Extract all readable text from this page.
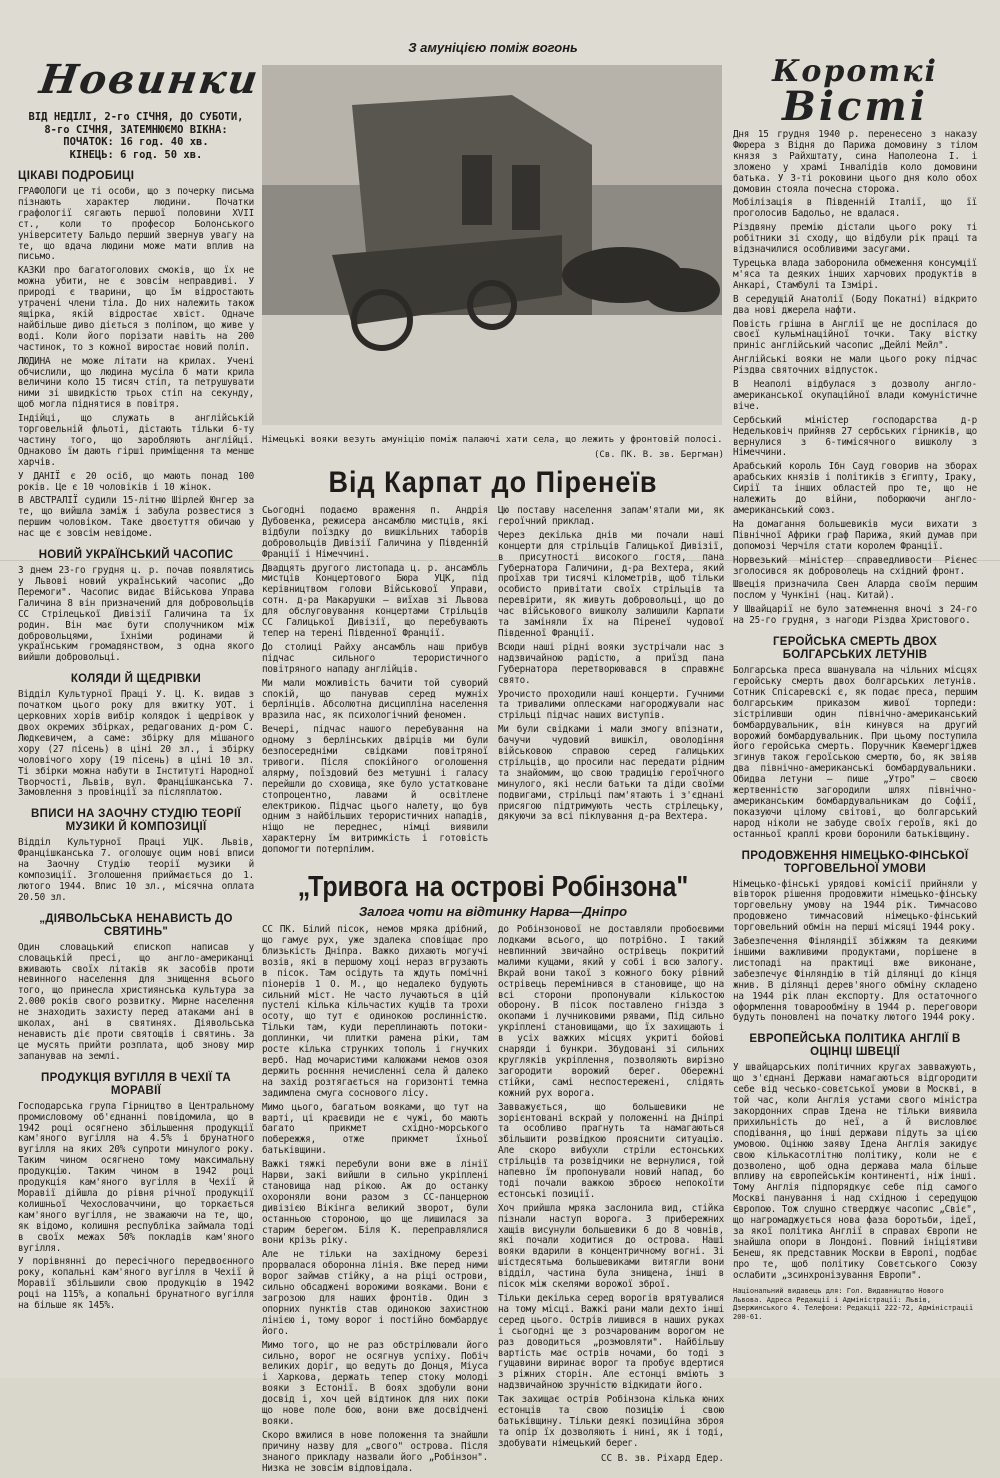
Новинки
ВІД НЕДІЛІ, 2-го СІЧНЯ, ДО СУБОТИ,
8-го СІЧНЯ, ЗАТЕМНЮЄМО ВІКНА:
ПОЧАТОК: 16 год. 40 хв.
КІНЕЦЬ: 6 год. 50 хв.
ЦІКАВІ ПОДРОБИЦІ

ГРАФОЛОГИ це ті особи, що з почерку письма пізнають характер людини. Початки графології сягають першої половини XVII ст., коли то професор Болонського університету Бальдо перший звернув увагу на те, що вдача людини може мати вплив на письмо.

КАЗКИ про багатоголових смоків, що їх не можна убити, не є зовсім неправдиві. У природі є тварини, що їм відростають утрачені члени тіла. До них належить також ящірка, якій відростає хвіст. Одначе найбільше диво діється з поліпом, що живе у воді. Коли його порізати навіть на 200 частинок, то з кожної виростає новий поліп.

ЛЮДИНА не може літати на крилах. Учені обчислили, що людина мусіла б мати крила величини коло 15 тисяч стіп, та петрушувати ними зі швидкістю трьох стіп на секунду, щоб могла піднятися в повітря.

Індійці, що служать в англійській торговельній фльоті, дістають тільки 6-ту частину того, що заробляють англійці. Однаково їм дають гірші приміщення та менше харчів.

У ДАНІЇ є 20 осіб, що мають понад 100 років. Це є 10 чоловіків і 10 жінок.

В АВСТРАЛІЇ судили 15-літню Шірлей Юнгер за те, що вийшла заміж і забула розвестися з першим чоловіком. Таке двоєтуття обичаю у нас ще є зовсім невідоме.

НОВИЙ УКРАЇНСЬКИЙ ЧАСОПИС

З днем 23-го грудня ц. р. почав появлятись у Львові новий український часопис „До Перемоги". Часопис видає Військова Управа Галичина 8 він призначений для добровольців СС Стрілецької Дивізії Галичина та їх родин. Він має бути сполучником між добровольцями, їхніми родинами й українським громадянством, з одна якого вийшли добровольці.

КОЛЯДИ Й ЩЕДРІВКИ

Відділ Культурної Праці У. Ц. К. видав з початком цього року для вжитку УОТ. і церковних хорів вибір колядок і щедрівок у двох окремих збірках, редагованих д-ром С. Людкевичем, а саме: збірку для мішаного хору (27 пісень) в ціні 20 зл., і збірку чоловічого хору (19 пісень) в ціні 10 зл. Ті збірки можна набути в Інституті Народної Творчості, Львів, вул. Францішканська 7. Замовлення з провінції за післяплатою.

ВПИСИ НА ЗАОЧНУ СТУДІЮ ТЕОРІЇ МУЗИКИ Й КОМПОЗИЦІЇ

Відділ Культурної Праці УЦК. Львів, Францішканська 7. оголошує оцим нові вписи на Заочну Студію теорії музики й композиції. Зголошення приймається до 1. лютого 1944. Впис 10 зл., місячна оплата 20.50 зл.

„ДІЯВОЛЬСЬКА НЕНАВИСТЬ ДО СВЯТИНЬ"

Один словацький єпископ написав у словацькій пресі, що англо-американці вживають своїх літаків як засобів проти невинного населення для знищення всього того, що принесла християнська культура за 2.000 років свого розвитку. Мирне населення не знаходить захисту перед атаками ані в школах, ані в святинях. Діявольська ненависть діє проти святощів і святинь. За це мусять прийти розплата, щоб знову мир запанував на землі.

ПРОДУКЦІЯ ВУГІЛЛЯ В ЧЕХІЇ ТА МОРАВІЇ

Господарська група Гірництво в Центральному промисловому об'єднанні повідомила, що в 1942 році осягнено збільшення продукції кам'яного вугілля на 4.5% і брунатного вугілля на яких 20% супроти минулого року. Таким чином осягнено тому максимальну продукцію. Таким чином в 1942 році продукція кам'яного вугілля в Чехії й Моравії дійшла до рівня річної продукції колишньої Чехословаччини, що торкається кам'яного вугілля, не зважаючи на те, що, як відомо, колишня республіка займала тоді в своїх межах 50% покладів кам'яного вугілля.

У порівнянні до пересічного передвоєнного року, копальні кам'яного вугілля в Чехії й Моравії збільшили свою продукцію в 1942 році на 115%, а копальні брунатного вугілля на більше як 145%.

З амуніцією поміж вогонь
Німецькі вояки везуть амуніцію поміж палаючі хати села, що лежить у фронтовій полосі.
(Св. ПК. В. зв. Бергман)
Від Карпат до Піренеїв

Сьогодні подаємо враження п. Андрія Дубовенка, режисера ансамблю мистців, які відбули поїздку до вишкільних таборів добровольців Дивізії Галичина у Південній Франції і Німеччині.

Двадцять другого листопада ц. р. ансамбль мистців Концертового Бюра УЦК, під керівництвом голови Військової Управи, сотн. д-ра Макарушки — виїхав зі Львова для обслуговування концертами Стрільців СС Галицької Дивізії, що перебувають тепер на терені Південної Франції.

До столиці Райху ансамбль наш прибув підчас сильного терористичного повітряного нападу англійців.

Ми мали можливість бачити той суворий спокій, що панував серед мужніх берлінців. Абсолютна дисципліна населення вразила нас, як психологічний феномен.

Вечері, підчас нашого перебування на одному з берлінських двірців ми були безпосередніми свідками повітряної тривоги. Після спокійного оголошення алярму, поїздовий без метушні і галасу перейшли до сховища, яке було устатковане стопроцентно, лавами й освітлене електрикою. Підчас цього налету, що був одним з найбільших терористичних нападів, ніщо не переднес, німці виявили характерну їм витримкість і готовість допомогти потерпілим.

Цю поставу населення запам'ятали ми, як героїчний приклад.

Через декілька днів ми почали наші концерти для стрільців Галицької Дивізії, в присутності високого гостя, пана Губернатора Галичини, д-ра Вехтера, який проїхав три тисячі кілометрів, щоб тільки особисто привітати своїх стрільців та перевірити, як живуть добровольці, що до час військового вишколу залишили Карпати та заміняли їх на Піренеї чудової Південної Франції.

Всюди наші рідні вояки зустрічали нас з надзвичайною радістю, а приїзд пана Губернатора перетворювався в справжнє свято.

Урочисто проходили наші концерти. Гучними та тривалими оплесками нагороджували нас стрільці підчас наших виступів.

Ми були свідками і мали змогу впізнати, бачучи чудовий вишкіл, оволодіння військовою справою серед галицьких стрільців, що просили нас передати рідним та знайомим, що свою традицію героїчного минулого, які несли батьки та діди своїми подвигами, стрільці пам'ятають і з'єднані присягою підтримують честь стрілецьку, дякуючи за всі піклування д-ра Вехтера.

„Тривога на острові Робінзона"
Залога чоти на відтинку Нарва—Дніпро

СС ПК. Білий пісок, немов мряка дрібний, що гамує рух, уже здалека сповіщає про близькість Дніпра. Важко дихають могучі возів, які в першому хоці нераз вгрузають в пісок. Там осідуть та ждуть помічні піонерів 1 О. М., що недалеко будують сильний міст. Не часто лучаються в цій пустелі кілька кільчастих кущів та трохи осоту, що тут є одинокою рослинністю. Тільки там, куди переплинають потоки-доплинки, чи плитки рамена ріки, там росте кілька струнких тополь і гнучких верб. Над мочаристими калюжами немов озоя держить роєнння нечисленні села й далеко на захід розтягається на горизонті темна задимлена смуга соснового лісу.

Мимо цього, багатьом вояками, що тут на варті, ці краєвиди не є чужі, бо мають багато прикмет східно-морського побережжя, отже прикмет їхньої батьківщини.

Важкі тяжкі перебули вони вже в лінії Нарви, закі вийшли в сильно укріплені становища над рікою. Аж до останку охороняли вони разом з СС-панцерною дивізією Вікінга великий зворот, були останньою стороною, що ще лишилася за старим берегом. Біля К. переправлялися вони крізь ріку.

Але не тільки на західному березі прорвалася оборонна лінія. Вже перед ними ворог займав стійку, а на ріці острови, сильно обсаджені ворожими вояками. Вони є загрозою для наших фронтів. Один з опорних пунктів став одинокою захистною лінією і, тому ворог і постійно бомбардує його.

Мимо того, що не раз обстрілювали його сильно, ворог не осягнув успіху. Побіч великих доріг, що ведуть до Донця, Міуса і Харкова, держать тепер стоку молоді вояки з Естонії. В боях здобули вони досвід і, хоч цей відтинок для них поки що нове поле бою, вони вже досвідчені вояки.

Скоро вжилися в нове положення та знайшли причину назву для „свого" острова. Після знаного прикладу назвали його „Робінзон". Низка не зовсім відповідала.

до Робінзонової не доставляли пробоєвими лодками всього, що потрібно. І такий невпинний звичайно острівець покритий малими кущами, який у собі і всю залогу. Вкрай вони такої з кожного боку рівний острівець перемінився в становище, що на всі сторони пропонували кількостою оборону. В пісок поставлено гнізда з окопами і лучниковими рявами, Під сильно укріплені становищами, що їх захищають і в усіх важких місцях укриті бойові снаряди і бункри. Збудовані зі сильних кругляків укріплення, позволяють вирізно загородити ворожий берег. Обережні стійки, самі неспостережені, слідять кожний рух ворога.

Завважується, що большевики не зорієнтовані вскрай у положенні на Дніпрі та особливо прагнуть та намагаються збільшити розвідкою прояснити ситуацію. Але скоро вибухли стріли естонських стрільців та розвідчики не вернулися, той напевно їм пропонували новий напад, бо тоді почали важкою зброєю непокоїти естонські позиції.

Хоч прийшла мряка заслонила вид, стійка пізнали наступ ворога. З прибережних хащів висунули большевики 6 до 8 човнів, які почали ходитися до острова. Наші вояки вдарили в концентричному вогні. Зі шістдесятьма большевиками витягли вони відділ, частина була знищена, інші в пісок між скелями ворожої зброї.

Тільки декілька серед ворогів врятувалися на тому місці. Важкі рани мали дехто інші серед цього. Острів лишився в наших руках і сьогодні ще з розчарованим ворогом не раз доводиться „розмовляти". Найбільшу вартість має острів ночами, бо тоді з гущавини виринає ворог та пробує вдертися з ріжних сторін. Але естонці вміють з надзвичайною зручністю відкидати його.

Так захищає острів Робінзона кілька юних естонців та свою позицію і свою батьківщину. Тільки деякі позиційна зброя та опір їх дозволяють і нині, як і тоді, здобувати німецький берег.

СС В. зв. Ріхард Едер.
Короткі
Вісті

Дня 15 грудня 1940 р. перенесено з наказу Фюрера з Відня до Парижа домовину з тілом князя з Райхштату, сина Наполеона І. і зложено у храмі Інвалідів коло домовини батька. У 3-ті роковини цього дня коло обох домовин стояла почесна сторожа.

Мобілізація в Південній Італії, що її проголосив Бадольо, не вдалася.

Різдвяну премію дістали цього року ті робітники зі сходу, що відбули рік праці та відзначилися особливими засугами.

Турецька влада заборонила обмеження консумції м'яса та деяких інших харчових продуктів в Анкарі, Стамбулі та Ізмірі.

В середущій Анатолії (Боду Покатні) відкрито два нові джерела нафти.

Повість грішна в Англії ще не доспілася до своєї кульмінаційної точки. Таку вістку приніс англійський часопис „Дейлі Мейл".

Англійські вояки не мали цього року підчас Різдва святочних відпусток.

В Неаполі відбулася з дозволу англо-американської окупаційної влади комуністичне віче.

Сербський міністер господарства д-р Недельковіч прийняв 27 сербських гірників, що вернулися з 6-тимісячного вишколу з Німеччини.

Арабський король Ібн Сауд говорив на зборах арабських князів і політиків з Єгипту, Іраку, Сирії та інших областей про те, що не належить до війни, поборюючи англо-американський союз.

На домагання большевиків муси вихати з Північної Африки граф Парижа, який думав при допомозі Черчіля стати королем Франції.

Норвезький міністер справедливости Рієнес зголосився як доброволець на східний фронт.

Швеція призначила Свен Аларда своїм першим послом у Чункіні (нац. Китай).

У Швайцарії не було затемнення вночі з 24-го на 25-го грудня, з нагоди Різдва Христового.

ГЕРОЙСЬКА СМЕРТЬ ДВОХ БОЛГАРСЬКИХ ЛЕТУНІВ

Болгарська преса вшанувала на чільних місцях геройську смерть двох болгарських летунів. Сотник Спісаревскі є, як подає преса, першим болгарським приказом живої торпеди: зістріливши один північно-американський бомбардувальник, він кинувся на другий ворожий бомбардувальник. При цьому поступила його геройська смерть. Поручник Квемергіджев згинув також героїською смертю, бо, як звіяв два північно-американські бомбардувальники. Обидва летуни — пише „Утро" — своєю жертвенністю загородили шлях північно-американським бомбардувальникам до Софії, показуючи цілому світові, що болгарський народ ніколи не забуде своїх героїв, які до останньої краплі крови боронили батьківщину.

ПРОДОВЖЕННЯ НІМЕЦЬКО-ФІНСЬКОЇ ТОРГОВЕЛЬНОЇ УМОВИ

Німецько-фінські урядові комісії прийняли у вівторок рішення продовжити німецько-фінську торговельну умову на 1944 рік. Тимчасово продовжено тимчасовий німецько-фінський торговельний обмін на перші місяці 1944 року.

Забезпечення Фінляндії збіжжям та деякими іншими важливими продуктами, порішене в листопаді на практиці вже виконане, забезпечує Фінляндію в тій ділянці до кінця жнив. В ділянці дерев'яного обміну складено на 1944 рік план експорту. Для остаточного оформлення товарообміну в 1944 р. переговори будуть поновлені на початку лютого 1944 року.

ЕВРОПЕЙСЬКА ПОЛІТИКА АНГЛІЇ В ОЦІНЦІ ШВЕЦІЇ

У швайцарських політичних кругах завважують, що з'єднані Держави намагаються відгородити себе від чесько-совєтської умови в Москві, в той час, коли Англія устами свого міністра закордонних справ Ідена не тільки виявила прихильність до неї, а й висловлює сподівання, що інші держави підуть за цією умовою. Оцінюю заяву Ідена Англія закидує свою кількасотлітню політику, коли не є дозволено, щоб одна держава мала більше впливу на європейськім континенті, ніж інші. Тому Англія підпорядкує себе під самого Москві панування і над східною і середущою Європою. Тож слушно стверджує часопис „Свіє", що нагромаджується нова фаза боротьби, ідеї, за якої політика Англії в справах Європи не знайшла опори в Лондоні. Повний ініціятиви Бенеш, як представник Москви в Европі, подбає про те, щоб політику Совєтського Союзу ослабити „зсинхронізування Европи".

Національний видавець для: Гол. Видавництво Нового Львова. Адреса Редакції і Адміністрації: Львів, Дзержинського 4. Телефони: Редакції 222-72, Адміністрації 200-61.
